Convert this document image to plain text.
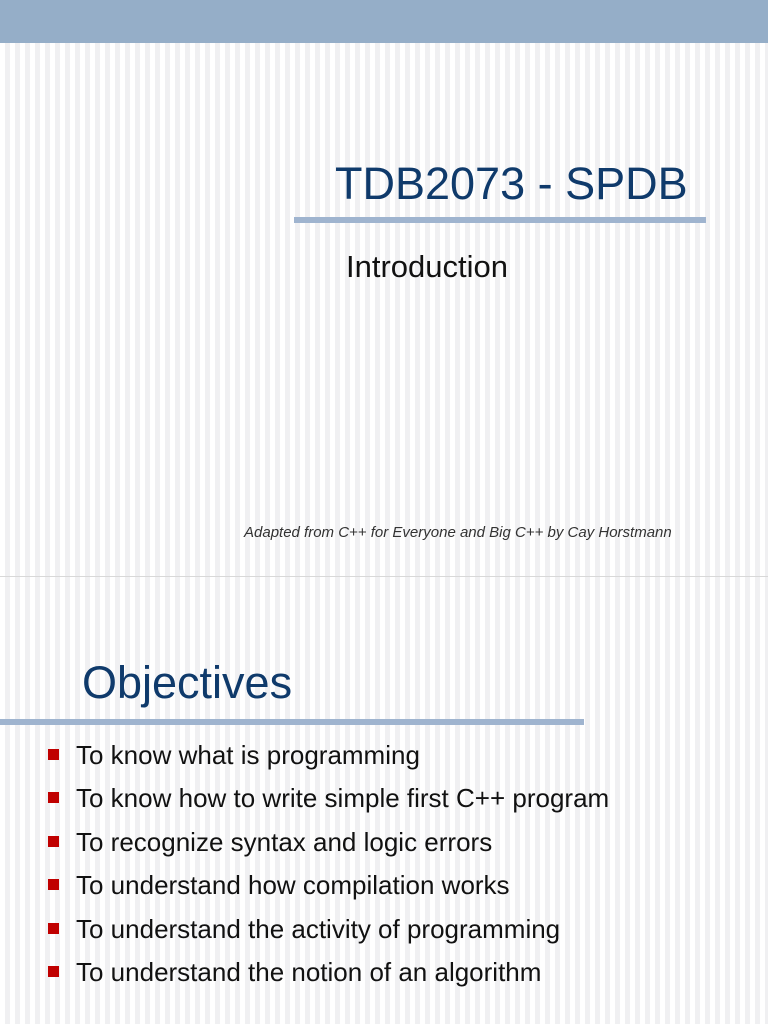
TDB2073 - SPDB

Introduction

Adapted from C++ for Everyone and Big C++ by Cay Horstmann

Objectives
To know what is programming
To know how to write simple first C++ program
To recognize syntax and logic errors
To understand how compilation works
To understand the activity of programming
To understand the notion of an algorithm
